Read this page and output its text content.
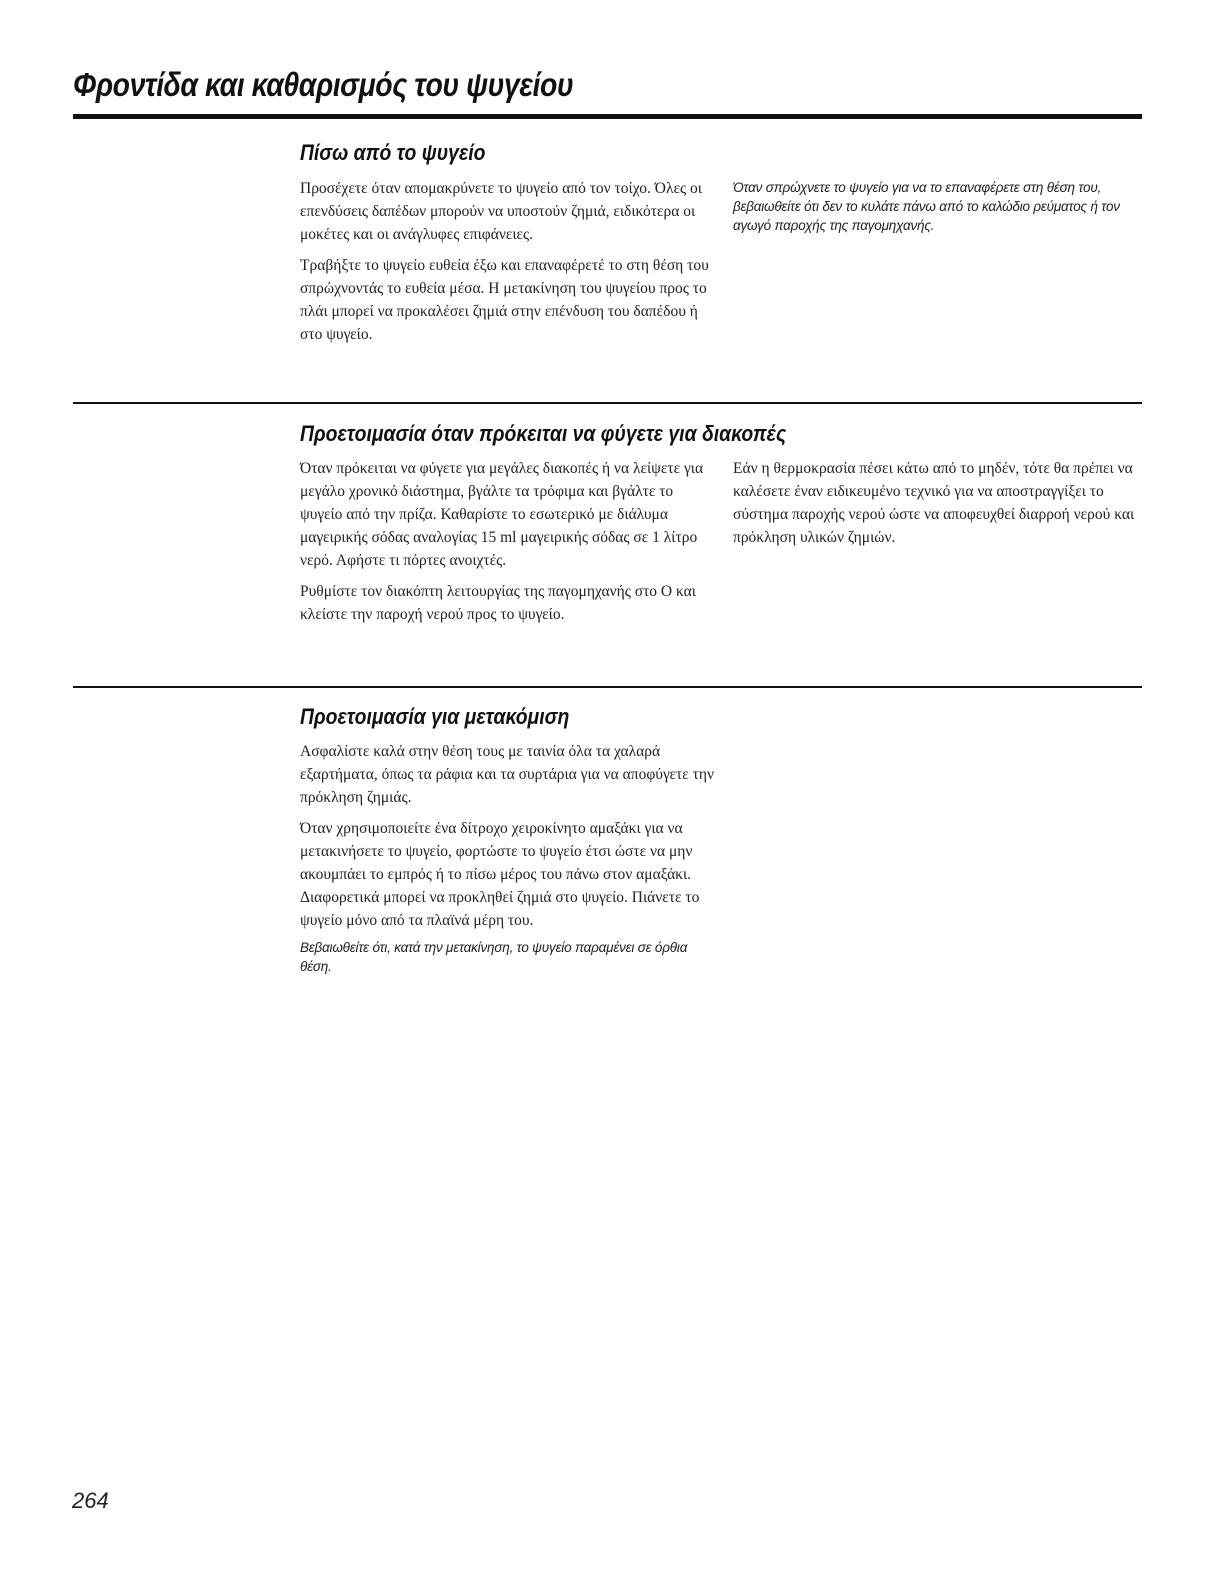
Φροντίδα και καθαρισμός του ψυγείου
Πίσω από το ψυγείο

Προσέχετε όταν απομακρύνετε το ψυγείο από τον τοίχο. Όλες οι επενδύσεις δαπέδων μπορούν να υποστούν ζημιά, ειδικότερα οι μοκέτες και οι ανάγλυφες επιφάνειες.

Τραβήξτε το ψυγείο ευθεία έξω και επαναφέρετέ το στη θέση του σπρώχνοντάς το ευθεία μέσα. Η μετακίνηση του ψυγείου προς το πλάι μπορεί να προκαλέσει ζημιά στην επένδυση του δαπέδου ή στο ψυγείο.

Όταν σπρώχνετε το ψυγείο για να το επαναφέρετε στη θέση του, βεβαιωθείτε ότι δεν το κυλάτε πάνω από το καλώδιο ρεύματος ή τον αγωγό παροχής της παγομηχανής.

Προετοιμασία όταν πρόκειται να φύγετε για διακοπές

Όταν πρόκειται να φύγετε για μεγάλες διακοπές ή να λείψετε για μεγάλο χρονικό διάστημα, βγάλτε τα τρόφιμα και βγάλτε το ψυγείο από την πρίζα. Καθαρίστε το εσωτερικό με διάλυμα μαγειρικής σόδας αναλογίας 15 ml μαγειρικής σόδας σε 1 λίτρο νερό. Αφήστε τι πόρτες ανοιχτές.

Ρυθμίστε τον διακόπτη λειτουργίας της παγομηχανής στο O και κλείστε την παροχή νερού προς το ψυγείο.

Εάν η θερμοκρασία πέσει κάτω από το μηδέν, τότε θα πρέπει να καλέσετε έναν ειδικευμένο τεχνικό για να αποστραγγίξει το σύστημα παροχής νερού ώστε να αποφευχθεί διαρροή νερού και πρόκληση υλικών ζημιών.

Προετοιμασία για μετακόμιση

Ασφαλίστε καλά στην θέση τους με ταινία όλα τα χαλαρά εξαρτήματα, όπως τα ράφια και τα συρτάρια για να αποφύγετε την πρόκληση ζημιάς.

Όταν χρησιμοποιείτε ένα δίτροχο χειροκίνητο αμαξάκι για να μετακινήσετε το ψυγείο, φορτώστε το ψυγείο έτσι ώστε να μην ακουμπάει το εμπρός ή το πίσω μέρος του πάνω στον αμαξάκι. Διαφορετικά μπορεί να προκληθεί ζημιά στο ψυγείο. Πιάνετε το ψυγείο μόνο από τα πλαϊνά μέρη του.

Βεβαιωθείτε ότι, κατά την μετακίνηση, το ψυγείο παραμένει σε όρθια θέση.

264
